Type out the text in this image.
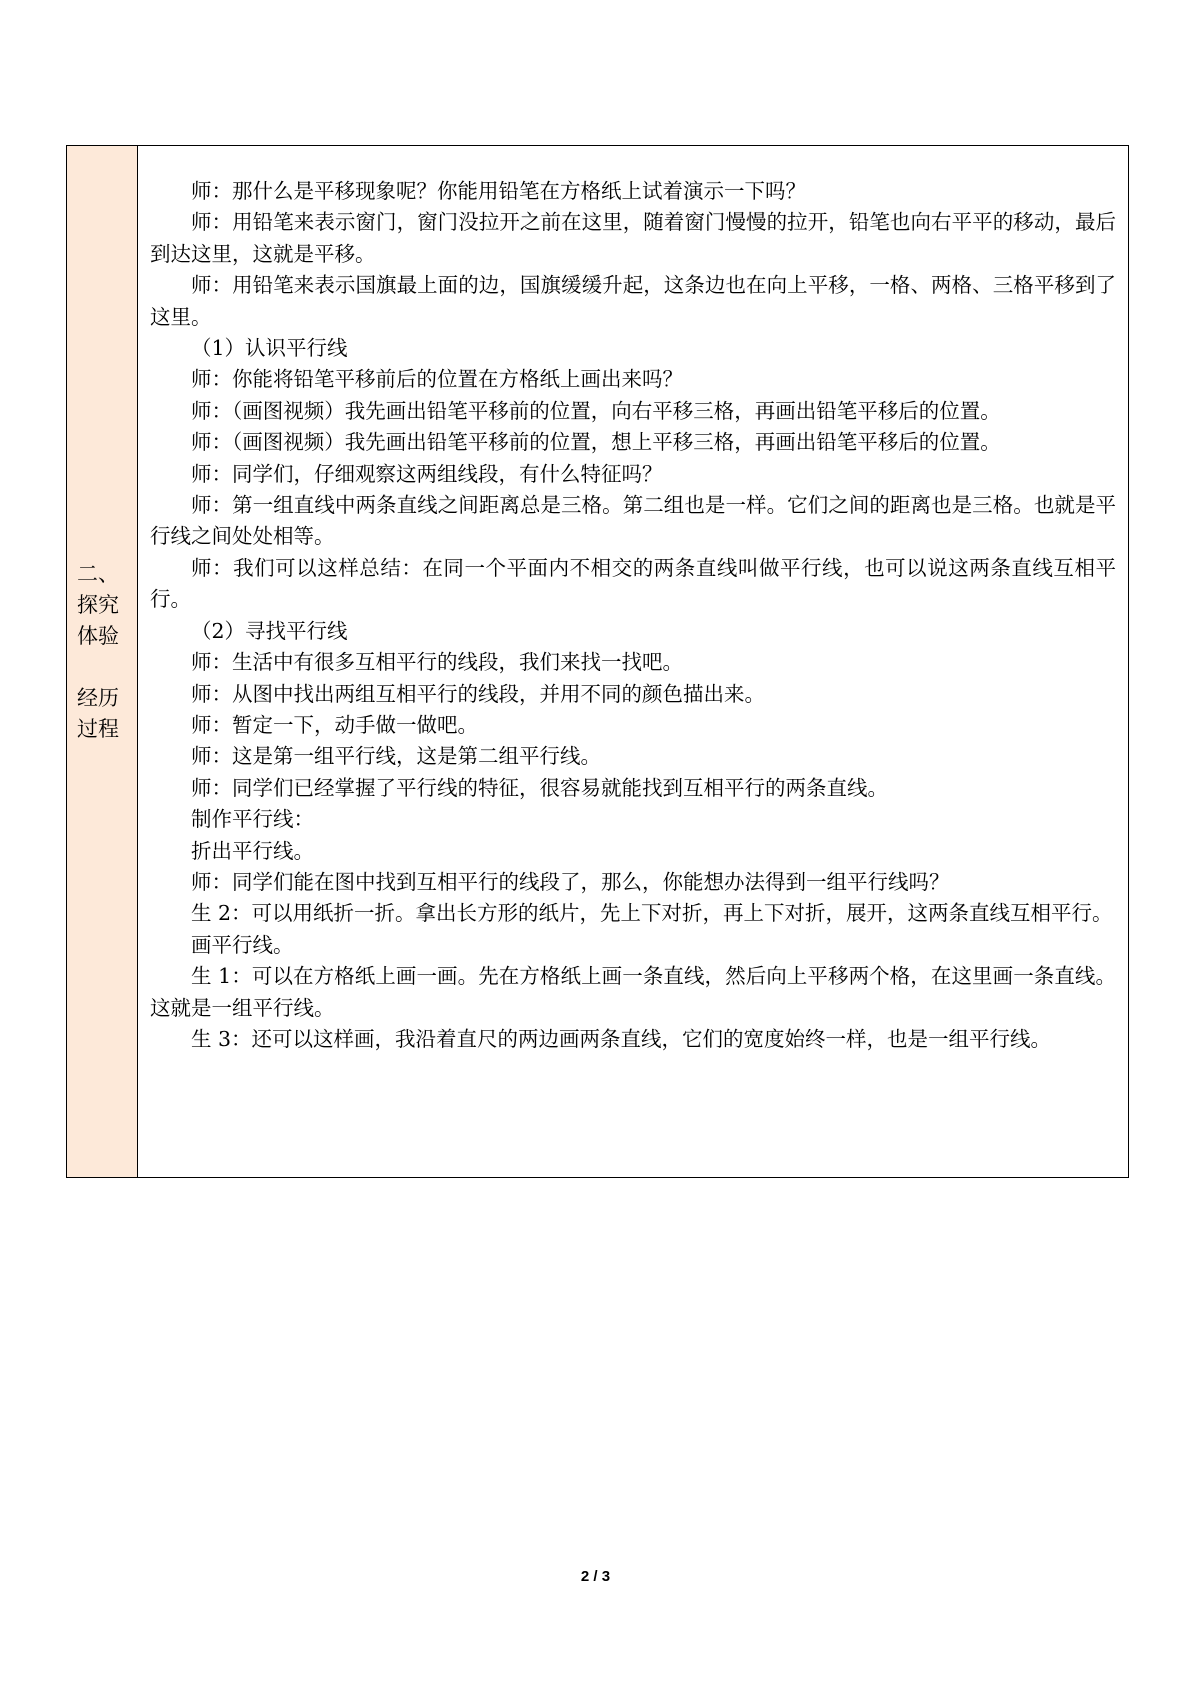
二、
探究
体验
经历
过程

师：那什么是平移现象呢？你能用铅笔在方格纸上试着演示一下吗？

师：用铅笔来表示窗门，窗门没拉开之前在这里，随着窗门慢慢的拉开，铅笔也向右平平的移动，最后到达这里，这就是平移。

师：用铅笔来表示国旗最上面的边，国旗缓缓升起，这条边也在向上平移，一格、两格、三格平移到了这里。

（1）认识平行线

师：你能将铅笔平移前后的位置在方格纸上画出来吗？

师：（画图视频）我先画出铅笔平移前的位置，向右平移三格，再画出铅笔平移后的位置。

师：（画图视频）我先画出铅笔平移前的位置，想上平移三格，再画出铅笔平移后的位置。

师：同学们，仔细观察这两组线段，有什么特征吗？

师：第一组直线中两条直线之间距离总是三格。第二组也是一样。它们之间的距离也是三格。也就是平行线之间处处相等。

师：我们可以这样总结：在同一个平面内不相交的两条直线叫做平行线，也可以说这两条直线互相平行。

（2）寻找平行线

师：生活中有很多互相平行的线段，我们来找一找吧。

师：从图中找出两组互相平行的线段，并用不同的颜色描出来。

师：暂定一下，动手做一做吧。

师：这是第一组平行线，这是第二组平行线。

师：同学们已经掌握了平行线的特征，很容易就能找到互相平行的两条直线。

制作平行线：

折出平行线。

师：同学们能在图中找到互相平行的线段了，那么，你能想办法得到一组平行线吗？

生 2：可以用纸折一折。拿出长方形的纸片，先上下对折，再上下对折，展开，这两条直线互相平行。

画平行线。

生 1：可以在方格纸上画一画。先在方格纸上画一条直线，然后向上平移两个格，在这里画一条直线。这就是一组平行线。

生 3：还可以这样画，我沿着直尺的两边画两条直线，它们的宽度始终一样，也是一组平行线。

2 / 3
